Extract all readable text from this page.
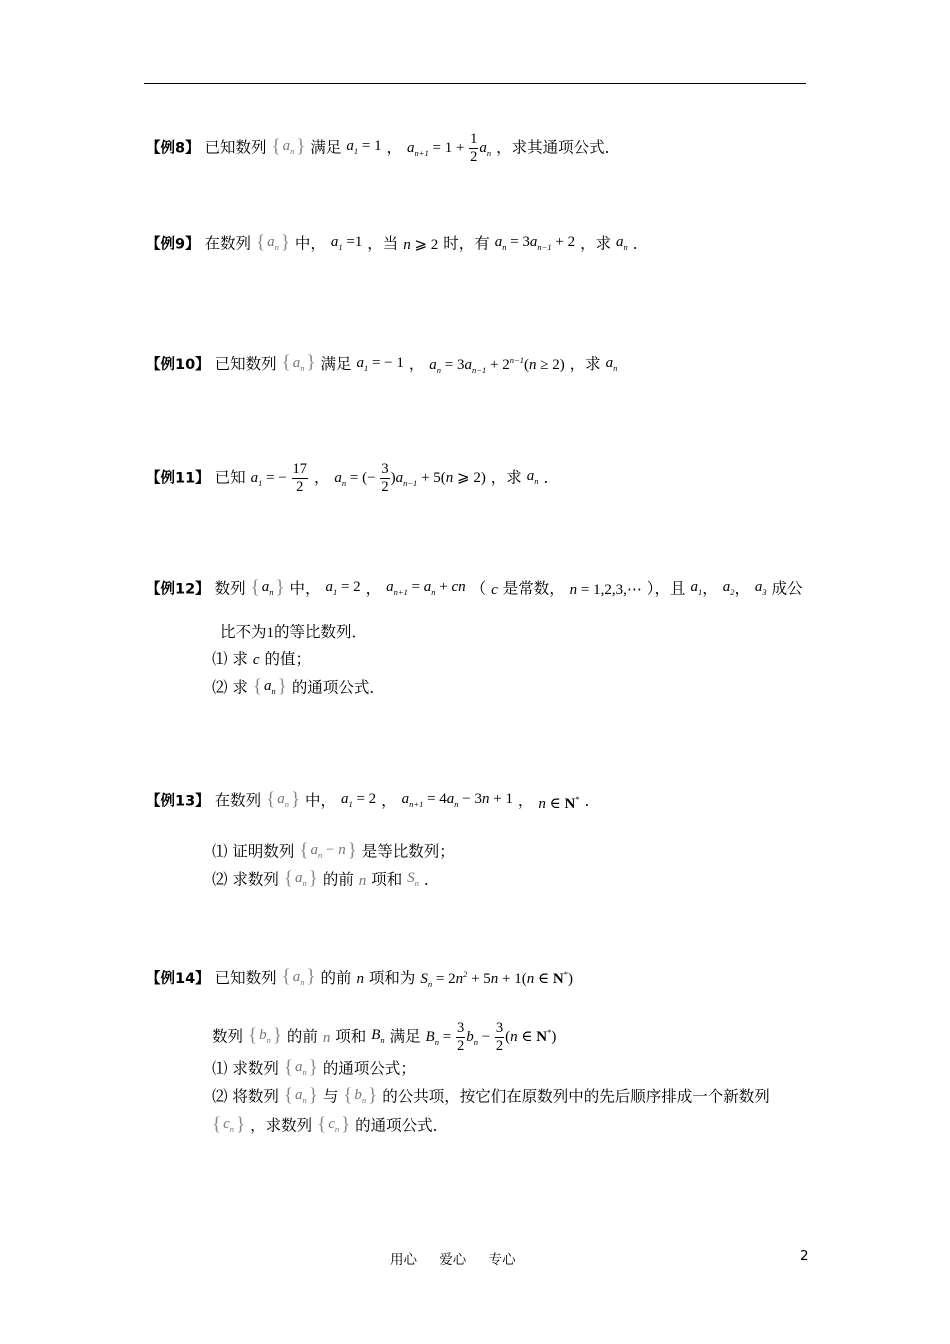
【例8】 已知数列 { $a_n$ } 满足 $a_1 = 1$ ， $a_{n+1} = 1 + \frac{1}{2} a_n$ ，求其通项公式．
【例9】 在数列 { $a_n$ } 中， $a_1 =1$ ，当 n ⩾ 2 时，有 $a_n = 3a_{n-1} + 2$ ，求 $a_n$ ．
【例10】 已知数列 { $a_n$ } 满足 $a_1$ = − 1 ， $a_n = 3a_{n-1} + 2^{n-1}(n \ge 2)$ ，求 $a_n$
【例11】 已知 $a_1$ = − $\frac{17}{2}$ ， $a_n$ = (− $\frac{3}{2} )a_{n-1} + 5(n$ ⩾ 2) ，求 $a_n$ ．
【例12】 数列 { $a_n$ } 中， $a_1 = 2$ ， $a_{n+1} = a_n$ + cn （ c 是常数， n = 1,2,3,⋯ ），且 $a_1$， $a_2$， $a_3$ 成公
比不为1的等比数列．
⑴ 求 c 的值；
⑵ 求 { $a_n$ } 的通项公式．
【例13】 在数列 { $a_n$ } 中， $a_1 = 2$ ， $a_{n+1} = 4a_n - 3n + 1$ ， n ∈ N* ．
⑴ 证明数列 { $a_n - n$ } 是等比数列；
⑵ 求数列 { $a_n$ } 的前 n 项和 $S_n$ ．
【例14】 已知数列 { $a_n$ } 的前 n 项和为 $S_n = 2n^2 + 5n + 1(n$ ∈ N*)
数列 { $b_n$ } 的前 n 项和 $B_n$ 满足 $B_n = \frac{3}{2} b_n - \frac{3}{2} (n$ ∈ N*)
⑴ 求数列 { $a_n$ } 的通项公式；
⑵ 将数列 { $a_n$ } 与 { $b_n$ } 的公共项，按它们在原数列中的先后顺序排成一个新数列
{ $c_n$ } ，求数列 { $c_n$ } 的通项公式．
用心 爱心 专心	2
